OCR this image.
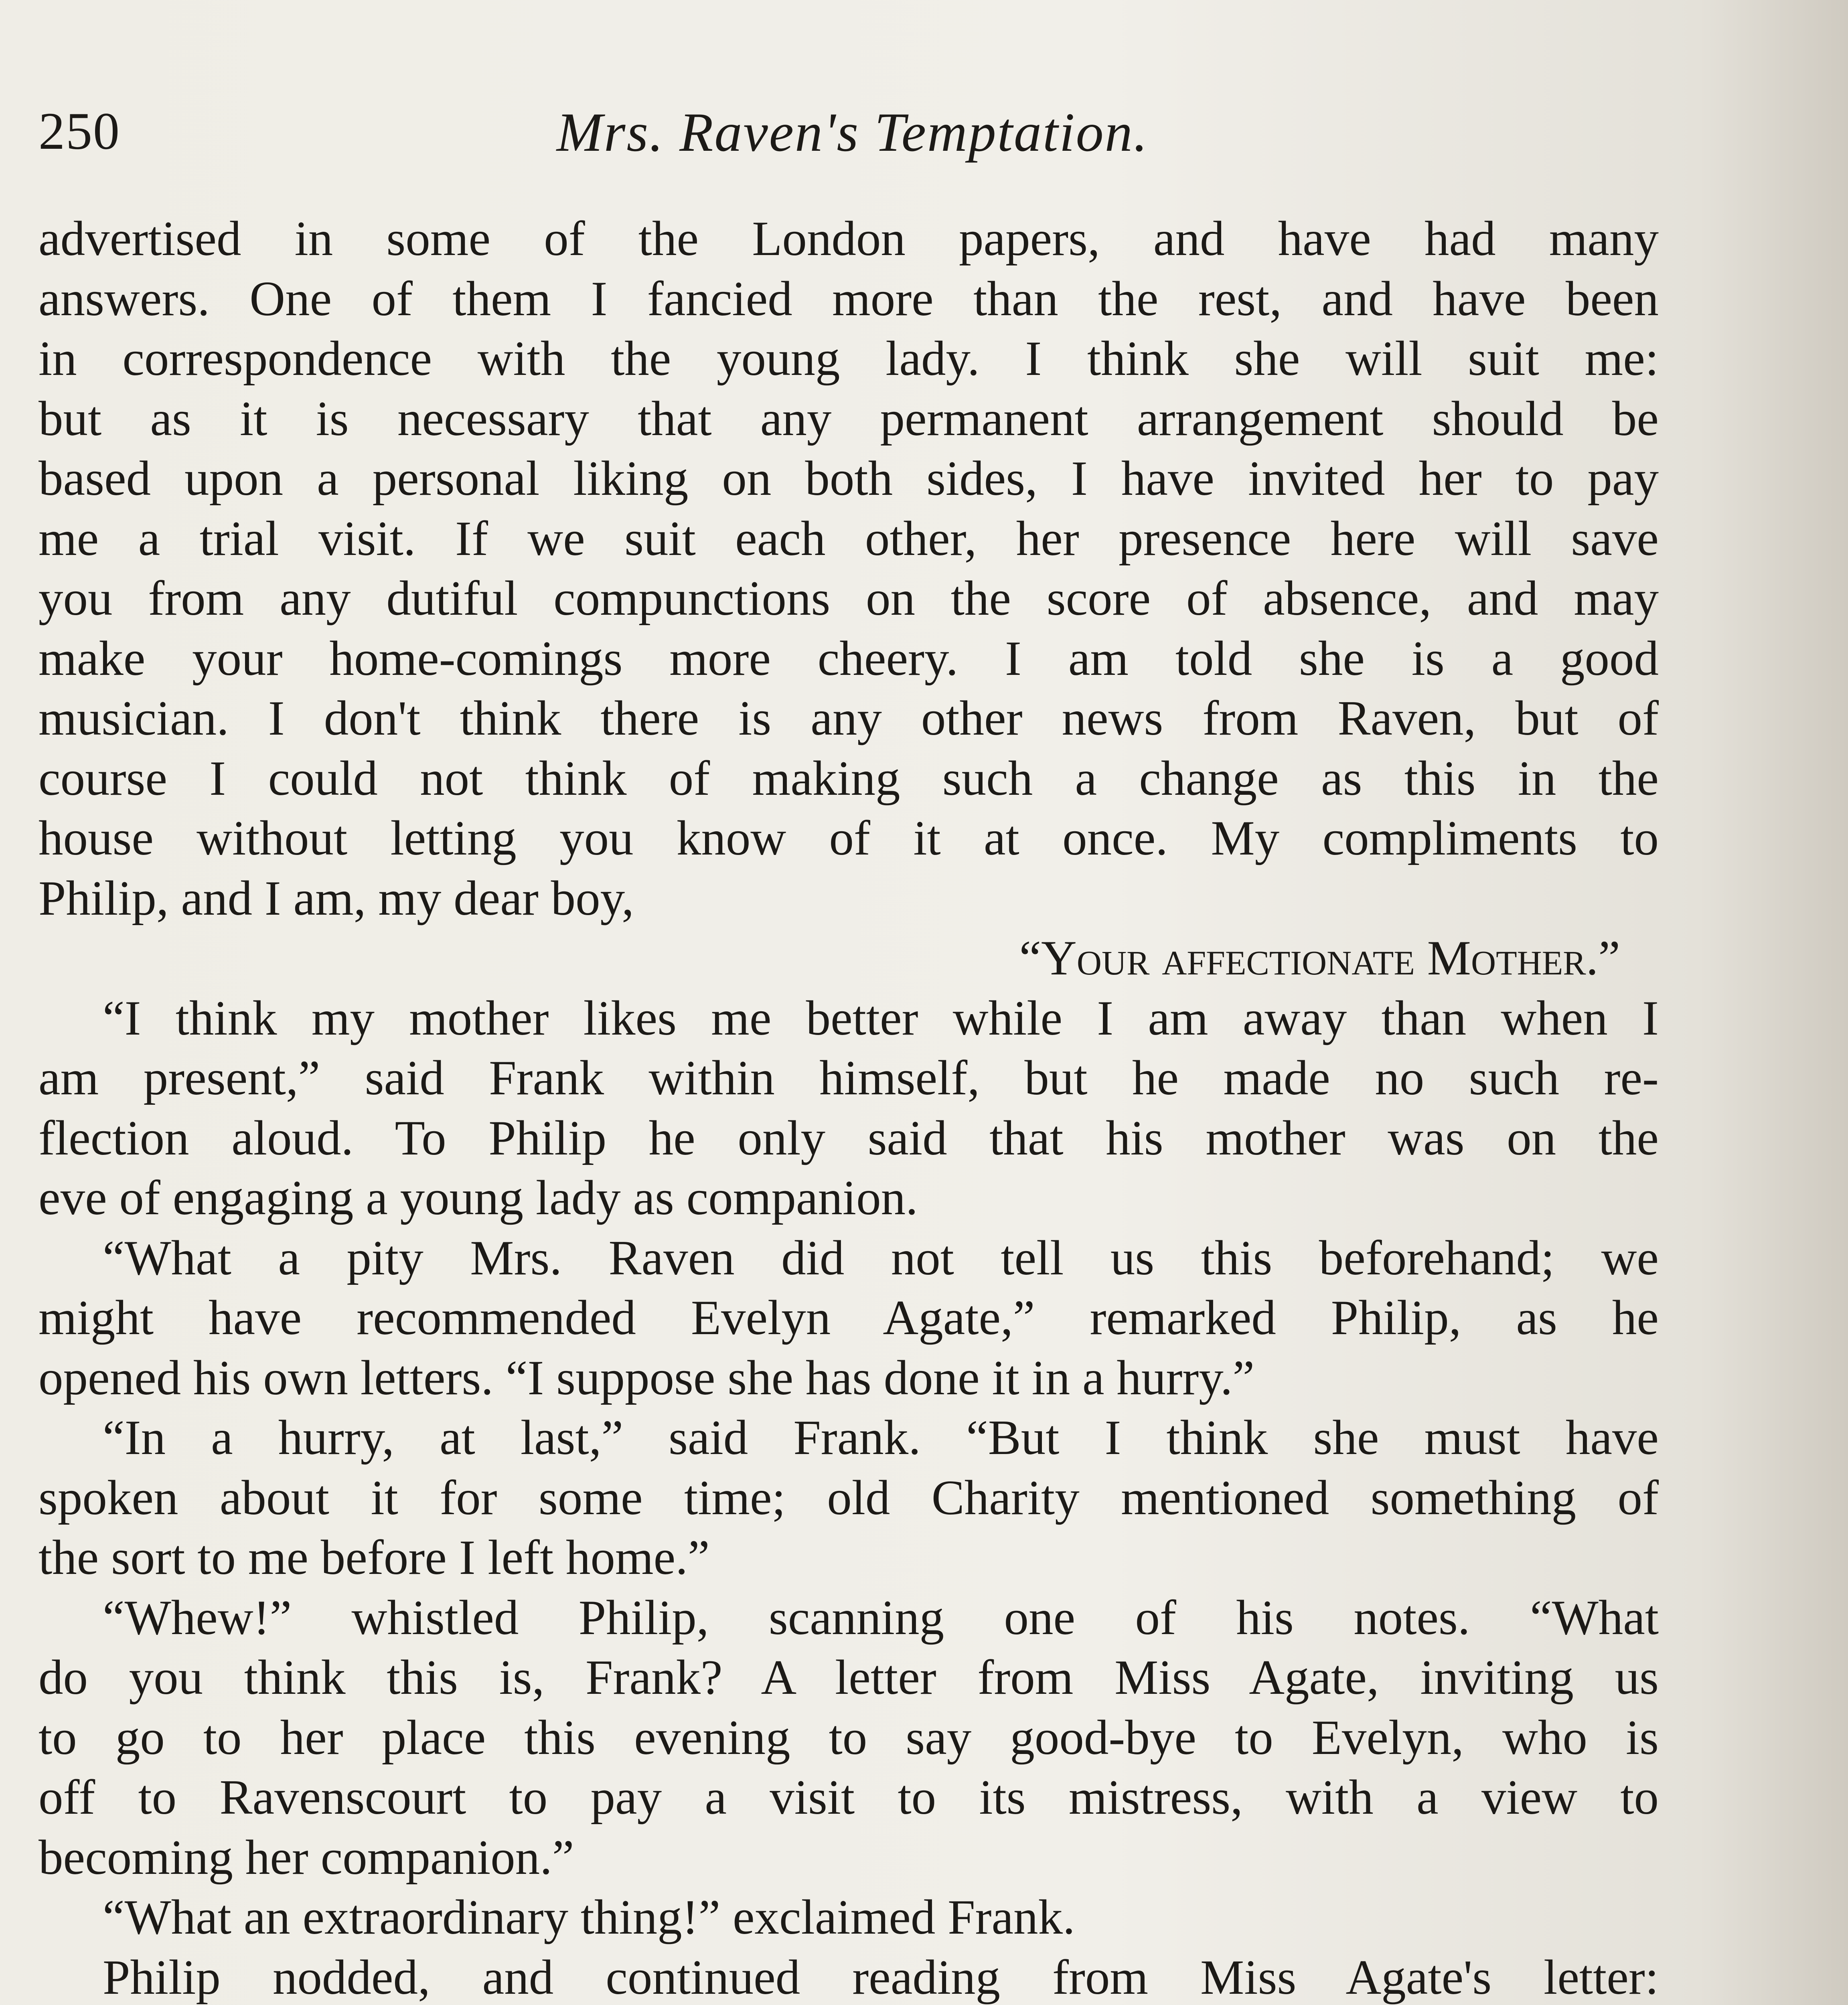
250	Mrs. Raven's Temptation.
advertised in some of the London papers, and have had many
answers. One of them I fancied more than the rest, and have been
in correspondence with the young lady. I think she will suit me:
but as it is necessary that any permanent arrangement should be
based upon a personal liking on both sides, I have invited her to pay
me a trial visit. If we suit each other, her presence here will save
you from any dutiful compunctions on the score of absence, and may
make your home-comings more cheery. I am told she is a good
musician. I don't think there is any other news from Raven, but of
course I could not think of making such a change as this in the
house without letting you know of it at once. My compliments to
Philip, and I am, my dear boy,
“Your affectionate Mother.”
“I think my mother likes me better while I am away than when I
am present,” said Frank within himself, but he made no such re-
flection aloud. To Philip he only said that his mother was on the
eve of engaging a young lady as companion.
“What a pity Mrs. Raven did not tell us this beforehand; we
might have recommended Evelyn Agate,” remarked Philip, as he
opened his own letters. “I suppose she has done it in a hurry.”
“In a hurry, at last,” said Frank. “But I think she must have
spoken about it for some time; old Charity mentioned something of
the sort to me before I left home.”
“Whew!” whistled Philip, scanning one of his notes. “What
do you think this is, Frank? A letter from Miss Agate, inviting us
to go to her place this evening to say good-bye to Evelyn, who is
off to Ravenscourt to pay a visit to its mistress, with a view to
becoming her companion.”
“What an extraordinary thing!” exclaimed Frank.
Philip nodded, and continued reading from Miss Agate's letter:
